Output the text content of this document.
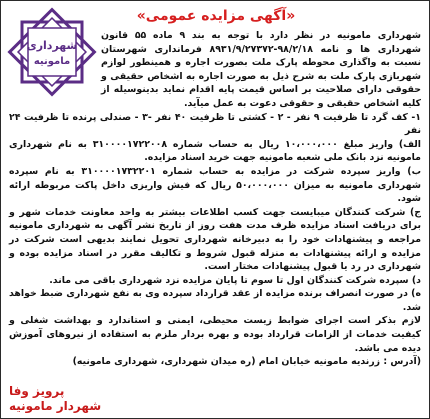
«آگهی مزایده عمومی»
شهرداری
مامونیه

شهرداری مامونیه در نظر دارد با توجه به بند ۹ ماده ۵۵ قانون شهرداری ها و نامه ۹۸/۲/۱۸-۸۹۳۱/۹/۲۷۳۷۲ فرمانداری شهرستان نسبت به واگذاری محوطه پارک ملت بصورت اجاره و همینطور لوازم شهربازی پارک ملت به شرح ذیل به صورت اجاره به اشخاص حقیقی و حقوقی دارای صلاحیت بر اساس قیمت پایه اقدام نماید بدینوسیله از کلیه اشخاص حقیقی و حقوقی دعوت به عمل میآید.

۱- کف گرد تا ظرفیت ۹ نفر - ۲ - کشتی تا ظرفیت ۴۰ نفر -۳ - صندلی پرنده تا ظرفیت ۲۴ نفر

الف) واریز مبلغ ۱۰،۰۰۰،۰۰۰ ریال به حساب شماره ۳۱۰۰۰۰۱۷۲۲۰۰۸ به نام شهرداری مامونیه نزد بانک ملی شعبه مامونیه جهت خرید اسناد مزایده.

ب) واریز سپرده شرکت در مزایده به حساب شماره ۳۱۰۰۰۰۱۷۳۲۲۰۱ به نام سپرده شهرداری مامونیه به میزان ۵۰،۰۰۰،۰۰۰ ریال که فیش واریزی داخل پاکت مربوطه ارائه شود.

ج) شرکت کنندگان میبایست جهت کسب اطلاعات بیشتر به واحد معاونت خدمات شهر و برای دریافت اسناد مزایده ظرف مدت هفت روز از تاریخ نشر آگهی به شهرداری مامونیه مراجعه و پیشنهادات خود را به دبیرخانه شهرداری تحویل نمایند بدیهی است شرکت در مزایده و ارائه پیشنهادات به منزله قبول شروط و تکالیف مقرر در اسناد مزایده بوده و شهرداری در رد یا قبول پیشنهادات مختار است.

د) سپرده شرکت کنندگان اول تا سوم تا پایان مزایده نزد شهرداری باقی می ماند.

ه) در صورت انصراف برنده مزایده از عقد قرارداد سپرده وی به نفع شهرداری ضبط خواهد شد.

لازم بذکر است اجرای ضوابط زیست محیطی، ایمنی و استاندارد و بهداشت شغلی و کیفیت خدمات از الزامات قرارداد بوده و بهره بردار ملزم به استفاده از نیروهای آموزش دیده می باشد.

(آدرس : زرندیه مامونیه خیابان امام (ره میدان شهرداری، شهرداری مامونیه)

پرویز وفا
شهردار مامونیه
